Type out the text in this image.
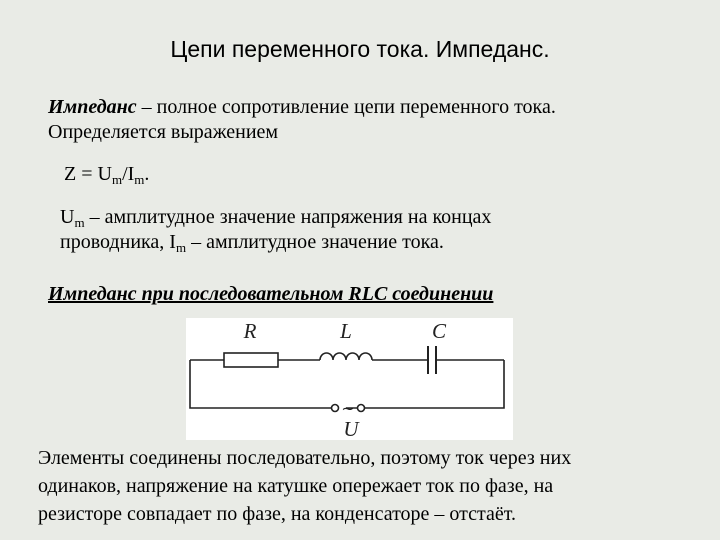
Цепи переменного тока. Импеданс.
Импеданс – полное сопротивление цепи переменного тока.
Определяется выражением
$Z = U_m/I_m$.
$U_m$ – амплитудное значение напряжения на концах
проводника, $I_m$ – амплитудное значение тока.
Импеданс при последовательном RLC соединении
R	L	C
U
~
Элементы соединены последовательно, поэтому ток через них
одинаков, напряжение на катушке опережает ток по фазе, на
резисторе совпадает по фазе, на конденсаторе – отстаёт.
